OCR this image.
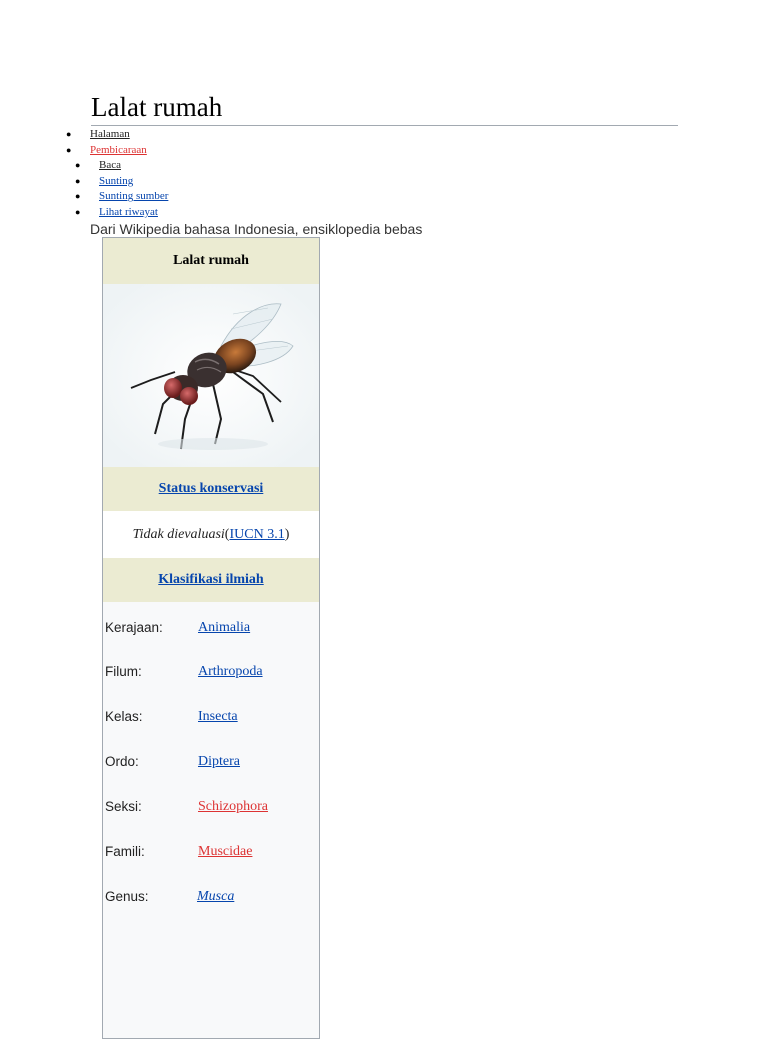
Lalat rumah
● Halaman
● Pembicaraan
● Baca
● Sunting
● Sunting sumber
● Lihat riwayat
Dari Wikipedia bahasa Indonesia, ensiklopedia bebas
Lalat rumah
Status konservasi
Tidak dievaluasi ( IUCN 3.1 )
Klasifikasi ilmiah
Kerajaan:	Animalia
Filum:	Arthropoda
Kelas:	Insecta
Ordo:	Diptera
Seksi:	Schizophora
Famili:	Muscidae
Genus:	Musca
